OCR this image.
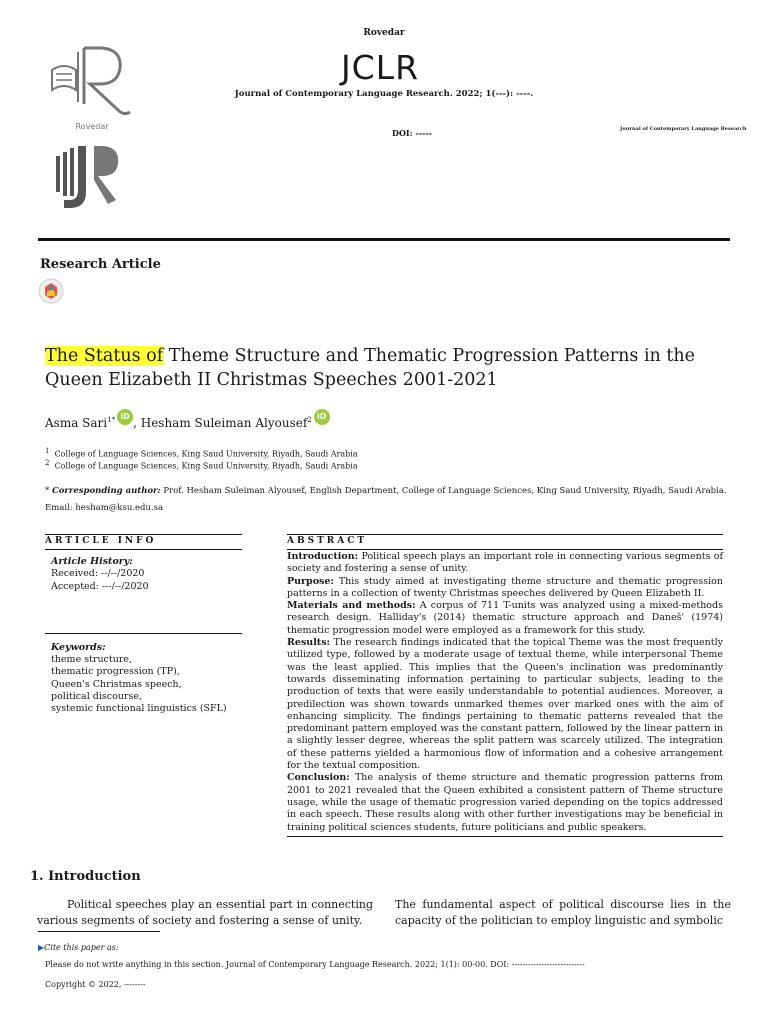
Rovedar
JCLR
Journal of Contemporary Language Research. 2022; 1(---): ----.
DOI: -----	Journal of Contemporary Language Research
Rovedar
Research Article
The Status of Theme Structure and Thematic Progression Patterns in the Queen Elizabeth II Christmas Speeches 2001-2021
Asma Sari$^{1*}$ iD , Hesham Suleiman Alyousef$^2$ iD
$^1$ College of Language Sciences, King Saud University, Riyadh, Saudi Arabia
$^2$ College of Language Sciences, King Saud University, Riyadh, Saudi Arabia
* Corresponding author: Prof. Hesham Suleiman Alyousef, English Department, College of Language Sciences, King Saud University, Riyadh, Saudi Arabia.
Email: hesham@ksu.edu.sa
ARTICLE INFO
Article History:
Received: --/--/2020
Accepted: ---/--/2020
Keywords:
theme structure,
thematic progression (TP),
Queen's Christmas speech,
political discourse,
systemic functional linguistics (SFL)
ABSTRACT
Introduction: Political speech plays an important role in connecting various segments of society and fostering a sense of unity.
Purpose: This study aimed at investigating theme structure and thematic progression patterns in a collection of twenty Christmas speeches delivered by Queen Elizabeth II.
Materials and methods: A corpus of 711 T-units was analyzed using a mixed-methods research design. Halliday's (2014) thematic structure approach and Daneš' (1974) thematic progression model were employed as a framework for this study.
Results: The research findings indicated that the topical Theme was the most frequently utilized type, followed by a moderate usage of textual theme, while interpersonal Theme was the least applied. This implies that the Queen's inclination was predominantly towards disseminating information pertaining to particular subjects, leading to the production of texts that were easily understandable to potential audiences. Moreover, a predilection was shown towards unmarked themes over marked ones with the aim of enhancing simplicity. The findings pertaining to thematic patterns revealed that the predominant pattern employed was the constant pattern, followed by the linear pattern in a slightly lesser degree, whereas the split pattern was scarcely utilized. The integration of these patterns yielded a harmonious flow of information and a cohesive arrangement for the textual composition.
Conclusion: The analysis of theme structure and thematic progression patterns from 2001 to 2021 revealed that the Queen exhibited a consistent pattern of Theme structure usage, while the usage of thematic progression varied depending on the topics addressed in each speech. These results along with other further investigations may be beneficial in training political sciences students, future politicians and public speakers.
1. Introduction
Political speeches play an essential part in connecting various segments of society and fostering a sense of unity.
The fundamental aspect of political discourse lies in the capacity of the politician to employ linguistic and symbolic
▶Cite this paper as:
Please do not write anything in this section. Journal of Contemporary Language Research. 2022; 1(1): 00-00. DOI: ---------------------------
Copyright © 2022, --------
